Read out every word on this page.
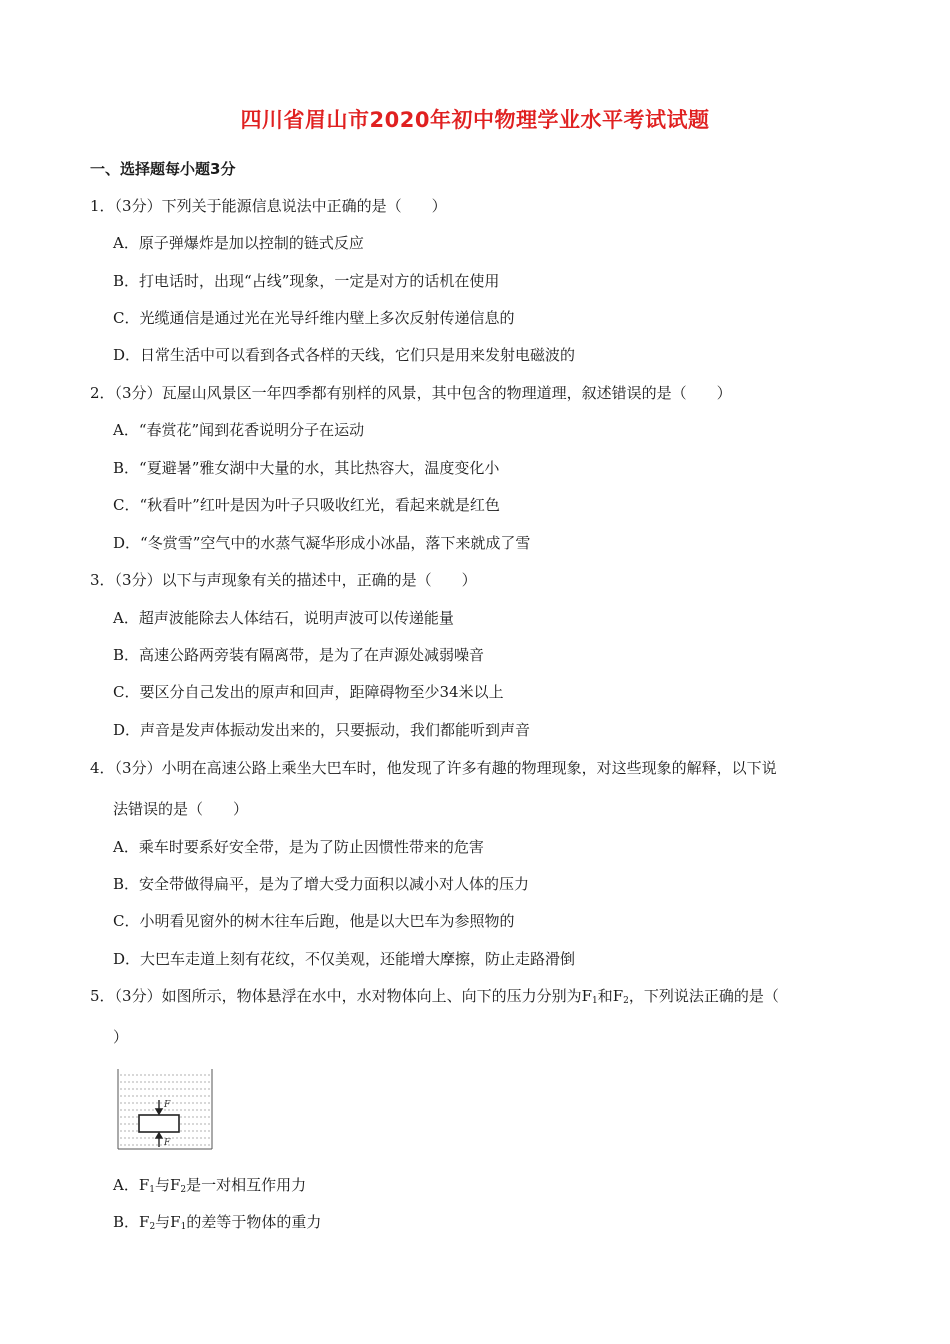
四川省眉山市2020年初中物理学业水平考试试题
一、选择题每小题3分
1．（3分）下列关于能源信息说法中正确的是（　　）
A．原子弹爆炸是加以控制的链式反应
B．打电话时，出现“占线”现象，一定是对方的话机在使用
C．光缆通信是通过光在光导纤维内壁上多次反射传递信息的
D．日常生活中可以看到各式各样的天线，它们只是用来发射电磁波的
2．（3分）瓦屋山风景区一年四季都有别样的风景，其中包含的物理道理，叙述错误的是（　　）
A．“春赏花”闻到花香说明分子在运动
B．“夏避暑”雅女湖中大量的水，其比热容大，温度变化小
C．“秋看叶”红叶是因为叶子只吸收红光，看起来就是红色
D．“冬赏雪”空气中的水蒸气凝华形成小冰晶，落下来就成了雪
3．（3分）以下与声现象有关的描述中，正确的是（　　）
A．超声波能除去人体结石，说明声波可以传递能量
B．高速公路两旁装有隔离带，是为了在声源处减弱噪音
C．要区分自己发出的原声和回声，距障碍物至少34米以上
D．声音是发声体振动发出来的，只要振动，我们都能听到声音
4．（3分）小明在高速公路上乘坐大巴车时，他发现了许多有趣的物理现象，对这些现象的解释，以下说
法错误的是（　　）
A．乘车时要系好安全带，是为了防止因惯性带来的危害
B．安全带做得扁平，是为了增大受力面积以减小对人体的压力
C．小明看见窗外的树木往车后跑，他是以大巴车为参照物的
D．大巴车走道上刻有花纹，不仅美观，还能增大摩擦，防止走路滑倒
5．（3分）如图所示，物体悬浮在水中，水对物体向上、向下的压力分别为$F_1$和$F_2$，下列说法正确的是（
）
F
F
A．$F_1$与$F_2$是一对相互作用力
B．$F_2$与$F_1$的差等于物体的重力
